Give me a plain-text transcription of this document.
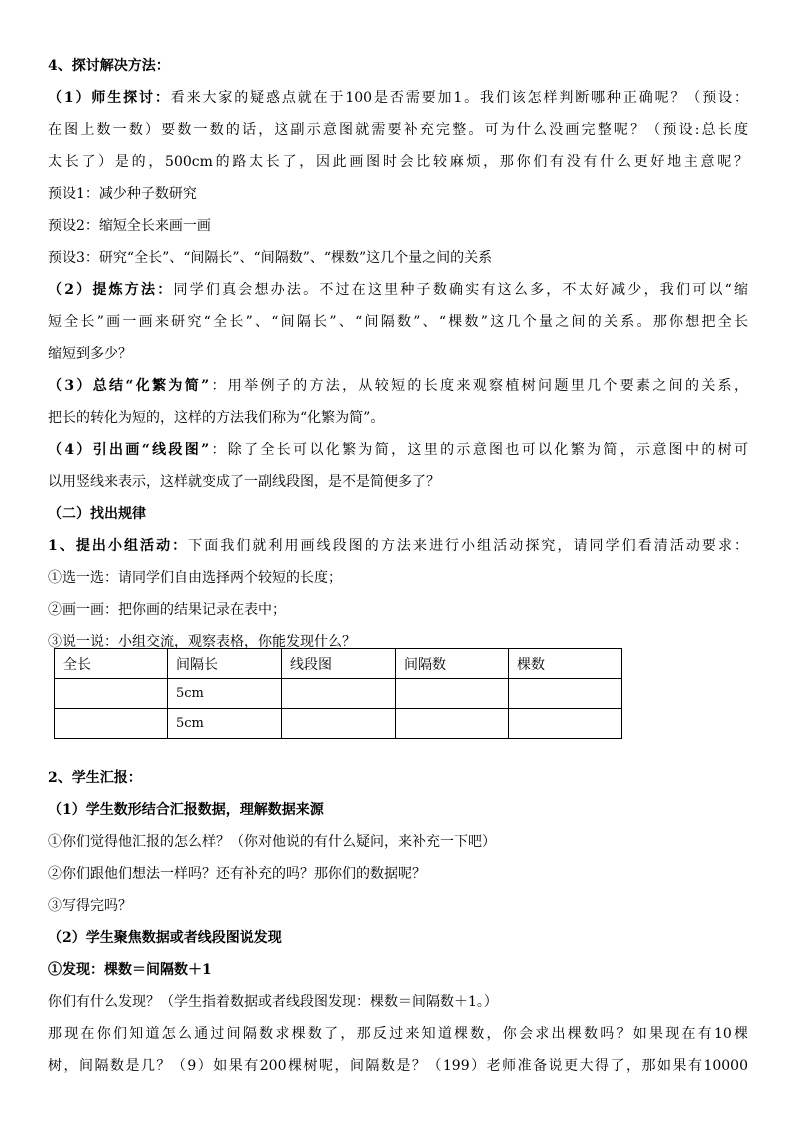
4、探讨解决方法：
（1）师生探讨：看来大家的疑惑点就在于100是否需要加1。我们该怎样判断哪种正确呢？（预设：
在图上数一数）要数一数的话，这副示意图就需要补充完整。可为什么没画完整呢？（预设:总长度
太长了）是的，500cm的路太长了，因此画图时会比较麻烦，那你们有没有什么更好地主意呢？
预设1：减少种子数研究
预设2：缩短全长来画一画
预设3：研究“全长”、“间隔长”、“间隔数”、“棵数”这几个量之间的关系
（2）提炼方法：同学们真会想办法。不过在这里种子数确实有这么多，不太好减少，我们可以“缩
短全长”画一画来研究“全长”、“间隔长”、“间隔数”、“棵数”这几个量之间的关系。那你想把全长
缩短到多少？
（3）总结“化繁为简”：用举例子的方法，从较短的长度来观察植树问题里几个要素之间的关系，
把长的转化为短的，这样的方法我们称为“化繁为简”。
（4）引出画“线段图”：除了全长可以化繁为简，这里的示意图也可以化繁为简，示意图中的树可
以用竖线来表示，这样就变成了一副线段图，是不是简便多了？
（二）找出规律
1、提出小组活动：下面我们就利用画线段图的方法来进行小组活动探究，请同学们看清活动要求：
①选一选：请同学们自由选择两个较短的长度；
②画一画：把你画的结果记录在表中；
③说一说：小组交流，观察表格，你能发现什么？
全长	间隔长	线段图	间隔数	棵数
	5cm			
	5cm			
2、学生汇报：
（1）学生数形结合汇报数据，理解数据来源
①你们觉得他汇报的怎么样？（你对他说的有什么疑问，来补充一下吧）
②你们跟他们想法一样吗？还有补充的吗？那你们的数据呢？
③写得完吗？
（2）学生聚焦数据或者线段图说发现
①发现：棵数＝间隔数＋1
你们有什么发现？（学生指着数据或者线段图发现：棵数＝间隔数＋1。）
那现在你们知道怎么通过间隔数求棵数了，那反过来知道棵数，你会求出棵数吗？如果现在有10棵
树，间隔数是几？（9）如果有200棵树呢，间隔数是？（199）老师准备说更大得了，那如果有10000
